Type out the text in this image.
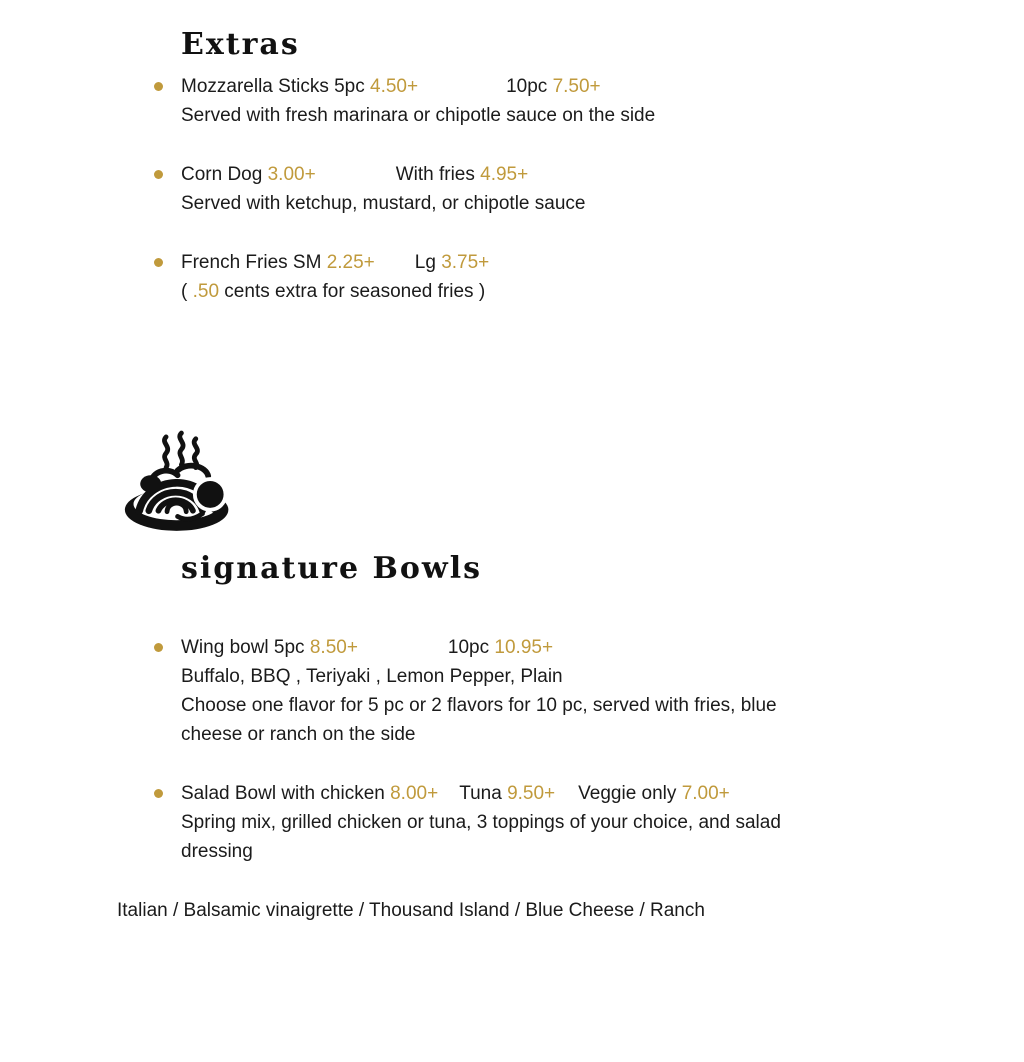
Extras
signature Bowls
Mozzarella Sticks 5pc 4.50+	10pc 7.50+
Served with fresh marinara or chipotle sauce on the side
Corn Dog 3.00+	With fries 4.95+
Served with ketchup, mustard, or chipotle sauce
French Fries SM 2.25+ Lg 3.75+
( .50 cents extra for seasoned fries )
Wing bowl 5pc 8.50+	10pc 10.95+
Buffalo, BBQ , Teriyaki , Lemon Pepper, Plain
Choose one flavor for 5 pc or 2 flavors for 10 pc, served with fries, blue
cheese or ranch on the side
Salad Bowl with chicken 8.00+ Tuna 9.50+ Veggie only 7.00+
Spring mix, grilled chicken or tuna, 3 toppings of your choice, and salad
dressing
Italian / Balsamic vinaigrette / Thousand Island / Blue Cheese / Ranch
